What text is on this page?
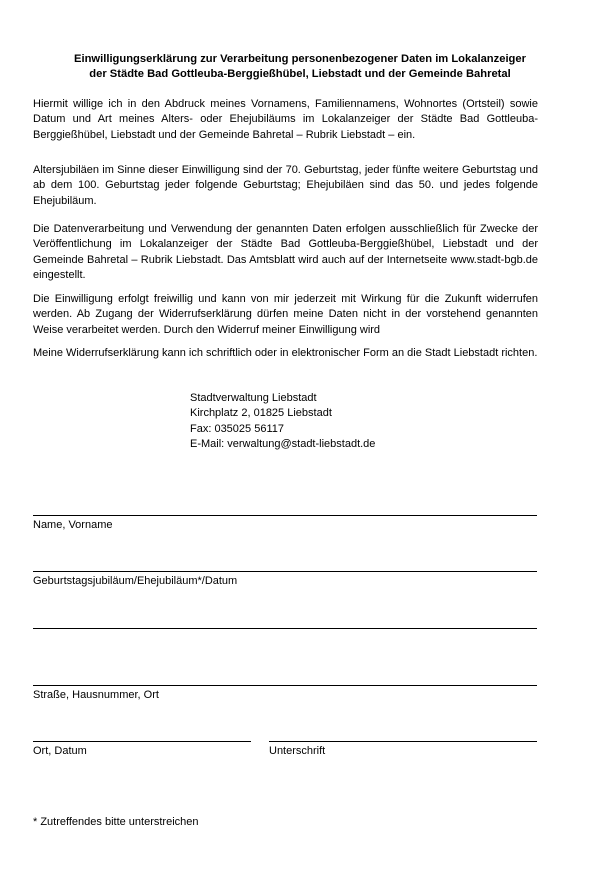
Einwilligungserklärung zur Verarbeitung personenbezogener Daten im Lokalanzeiger
der Städte Bad Gottleuba-Berggießhübel, Liebstadt und der Gemeinde Bahretal

Hiermit willige ich in den Abdruck meines Vornamens, Familiennamens, Wohnortes (Ortsteil) sowie Datum und Art meines Alters- oder Ehejubiläums im Lokalanzeiger der Städte Bad Gottleuba-Berggießhübel, Liebstadt und der Gemeinde Bahretal – Rubrik Liebstadt – ein.

Altersjubiläen im Sinne dieser Einwilligung sind der 70. Geburtstag, jeder fünfte weitere Geburtstag und ab dem 100. Geburtstag jeder folgende Geburtstag; Ehejubiläen sind das 50. und jedes folgende Ehejubiläum.

Die Datenverarbeitung und Verwendung der genannten Daten erfolgen ausschließlich für Zwecke der Veröffentlichung im Lokalanzeiger der Städte Bad Gottleuba-Berggießhübel, Liebstadt und der Gemeinde Bahretal – Rubrik Liebstadt. Das Amtsblatt wird auch auf der Internetseite www.stadt-bgb.de eingestellt.

Die Einwilligung erfolgt freiwillig und kann von mir jederzeit mit Wirkung für die Zukunft widerrufen werden. Ab Zugang der Widerrufserklärung dürfen meine Daten nicht in der vorstehend genannten Weise verarbeitet werden. Durch den Widerruf meiner Einwilligung wird

Meine Widerrufserklärung kann ich schriftlich oder in elektronischer Form an die Stadt Liebstadt richten.

Stadtverwaltung Liebstadt
Kirchplatz 2, 01825 Liebstadt
Fax: 035025 56117
E-Mail: verwaltung@stadt-liebstadt.de
Name, Vorname
Geburtstagsjubiläum/Ehejubiläum*/Datum
Straße, Hausnummer, Ort
Ort, Datum	Unterschrift
* Zutreffendes bitte unterstreichen
